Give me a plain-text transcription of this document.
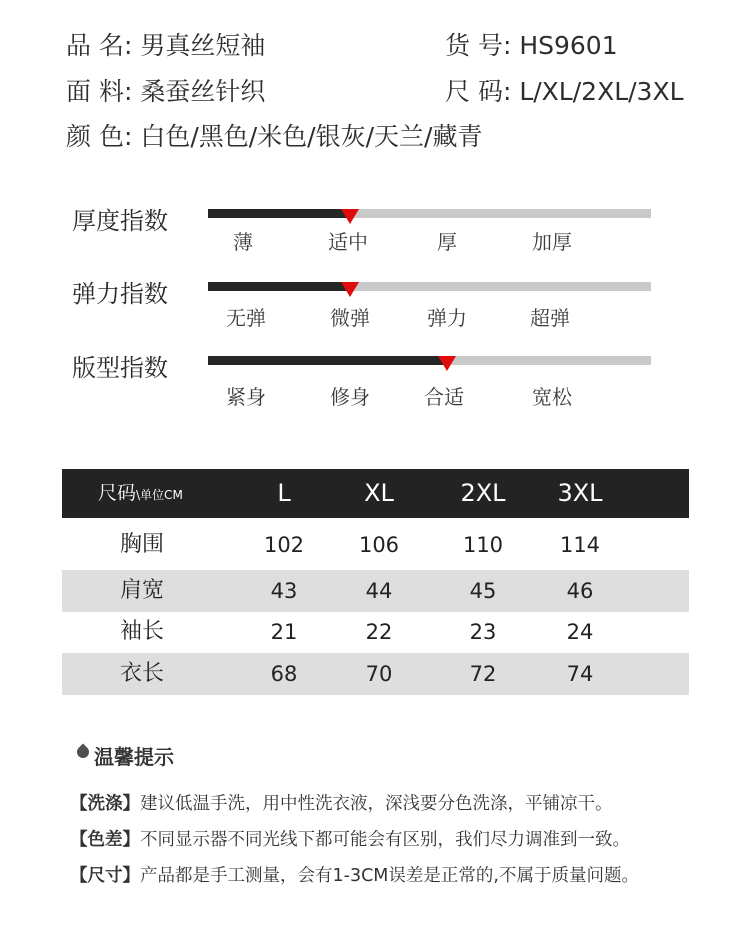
品 名: 男真丝短袖	货 号: HS9601
面 料: 桑蚕丝针织	尺 码: L/XL/2XL/3XL
颜 色: 白色/黑色/米色/银灰/天兰/藏青
厚度指数
薄	适中	厚	加厚
弹力指数
无弹	微弹	弹力	超弹
版型指数
紧身	修身	合适	宽松
尺码\单位CM	L	XL	2XL	3XL
胸围	102	106	110	114
肩宽	43	44	45	46
袖长	21	22	23	24
衣长	68	70	72	74
温馨提示
【洗涤】建议低温手洗，用中性洗衣液，深浅要分色洗涤，平铺凉干。
【色差】不同显示器不同光线下都可能会有区别，我们尽力调准到一致。
【尺寸】产品都是手工测量，会有1-3CM误差是正常的,不属于质量问题。
